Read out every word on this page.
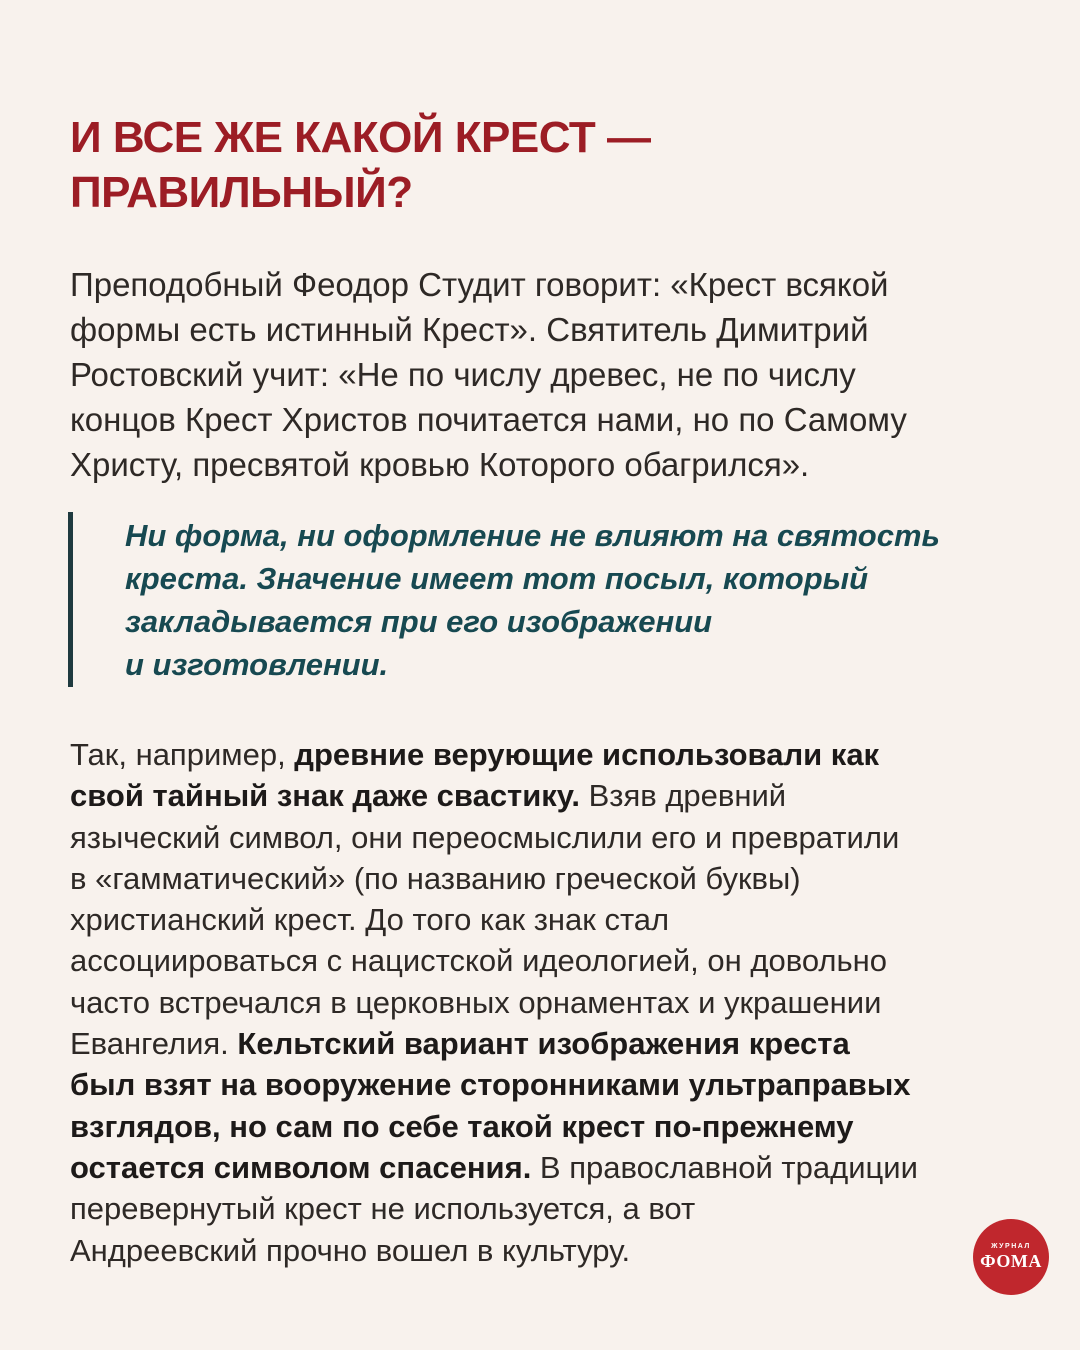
И ВСЕ ЖЕ КАКОЙ КРЕСТ —
ПРАВИЛЬНЫЙ?

Преподобный Феодор Студит говорит: «Крест всякой
формы есть истинный Крест». Святитель Димитрий
Ростовский учит: «Не по числу древес, не по числу
концов Крест Христов почитается нами, но по Самому
Христу, пресвятой кровью Которого обагрился».

Ни форма, ни оформление не влияют на святость
креста. Значение имеет тот посыл, который
закладывается при его изображении
и изготовлении.

Так, например, древние верующие использовали как
свой тайный знак даже свастику. Взяв древний
языческий символ, они переосмыслили его и превратили
в «гамматический» (по названию греческой буквы)
христианский крест. До того как знак стал
ассоциироваться с нацистской идеологией, он довольно
часто встречался в церковных орнаментах и украшении
Евангелия. Кельтский вариант изображения креста
был взят на вооружение сторонниками ультраправых
взглядов, но сам по себе такой крест по-прежнему
остается символом спасения. В православной традиции
перевернутый крест не используется, а вот
Андреевский прочно вошел в культуру.	ЖУРНАЛ
ФОМА
